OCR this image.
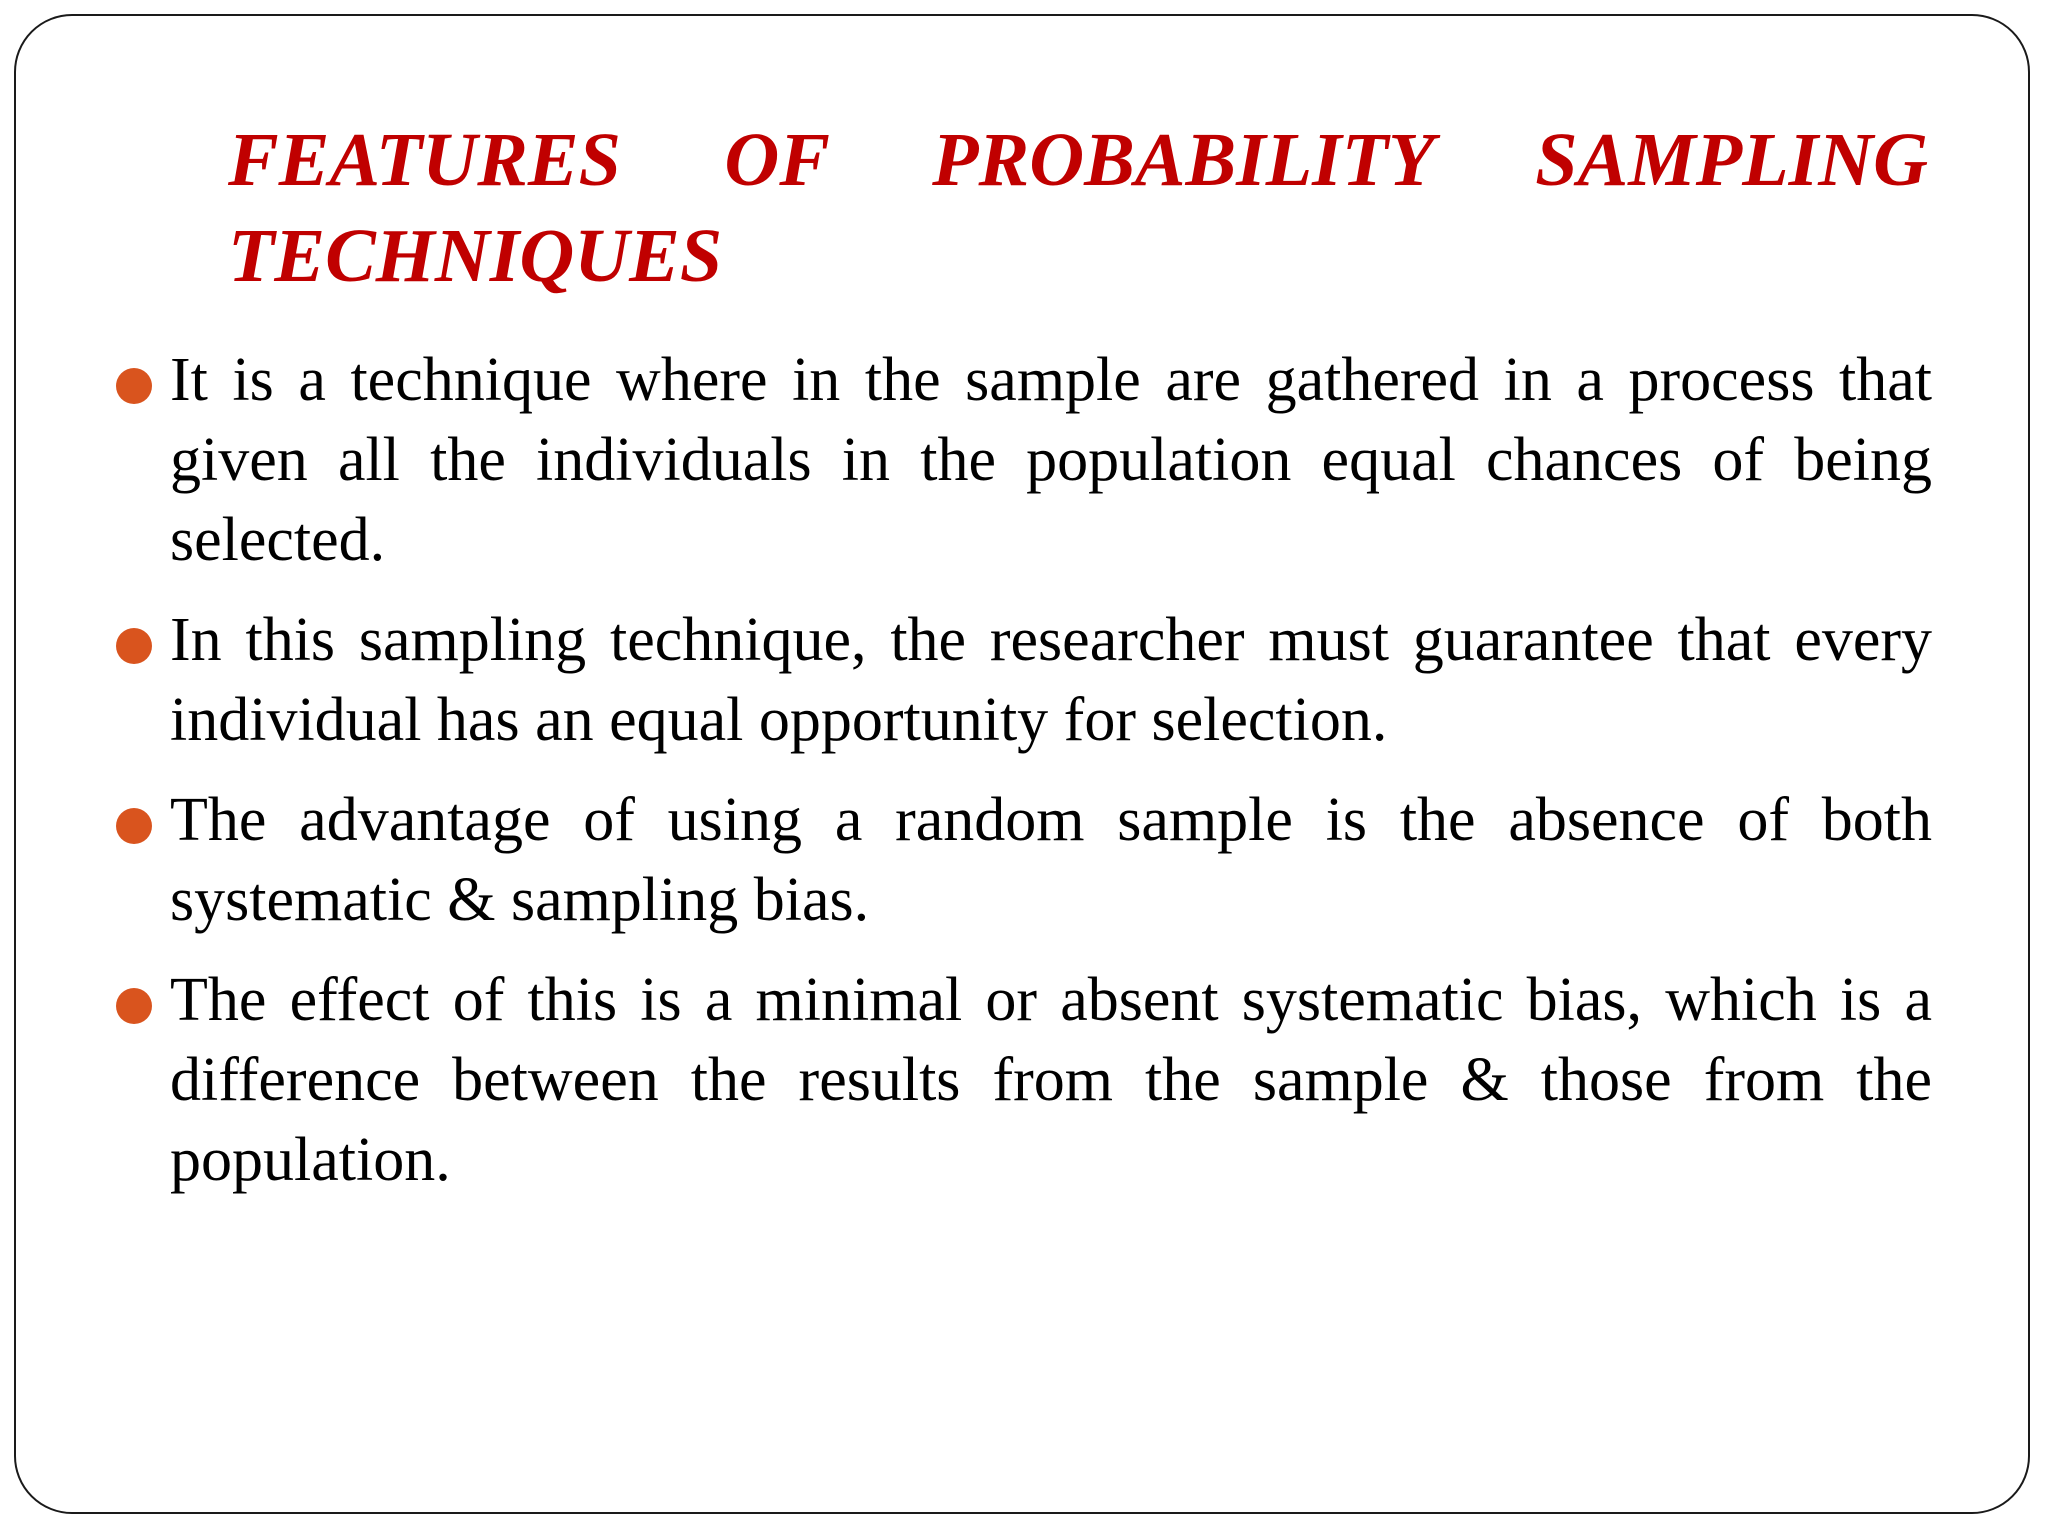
FEATURES OF PROBABILITY SAMPLING
TECHNIQUES
It is a technique where in the sample are gathered in a process that given all the individuals in the population equal chances of being selected.
In this sampling technique, the researcher must guarantee that every individual has an equal opportunity for selection.
The advantage of using a random sample is the absence of both systematic & sampling bias.
The effect of this is a minimal or absent systematic bias, which is a difference between the results from the sample & those from the population.
